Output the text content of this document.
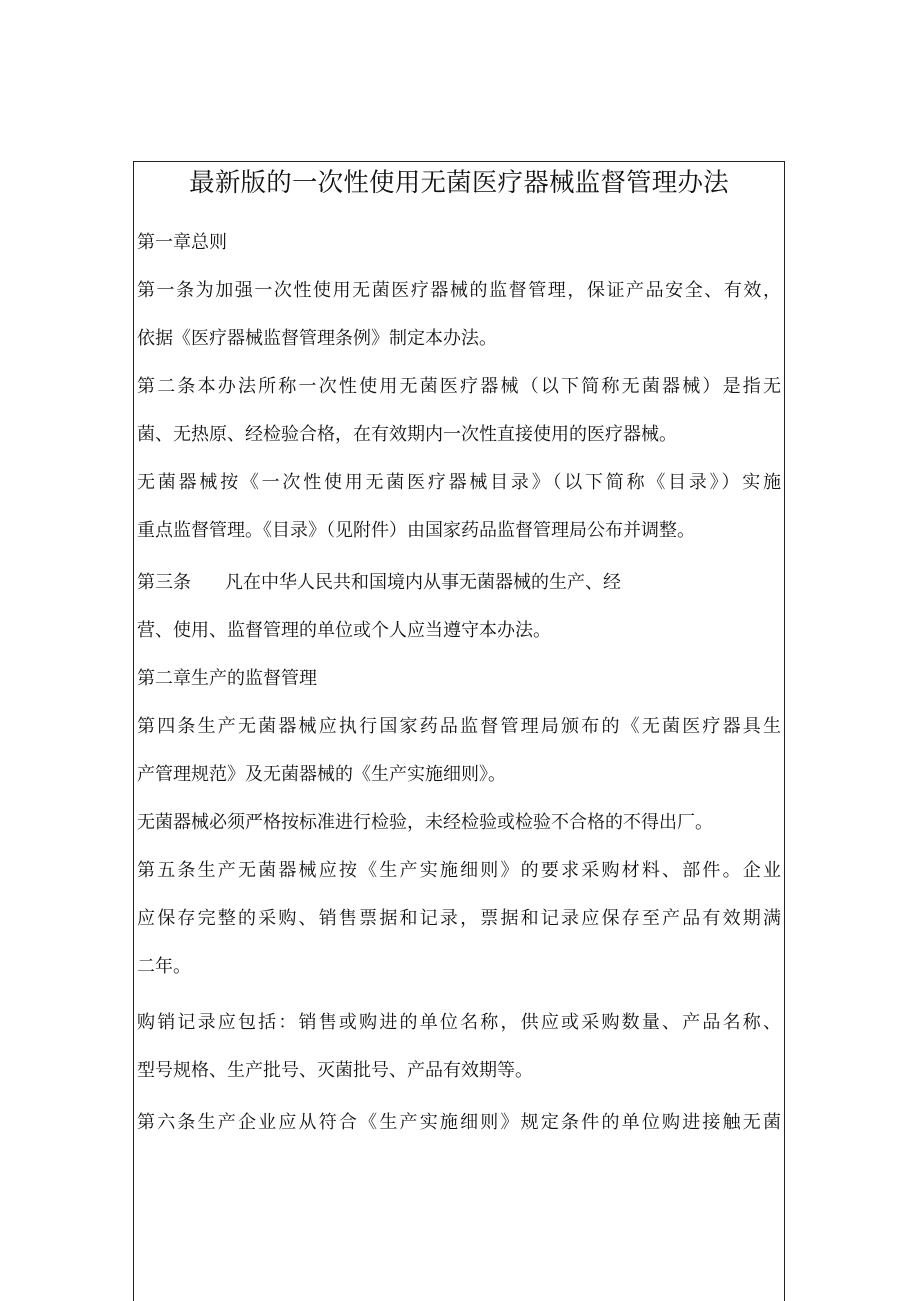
最新版的一次性使用无菌医疗器械监督管理办法
第一章总则
第一条为加强一次性使用无菌医疗器械的监督管理，保证产品安全、有效，
依据《医疗器械监督管理条例》制定本办法。
第二条本办法所称一次性使用无菌医疗器械（以下简称无菌器械）是指无
菌、无热原、经检验合格，在有效期内一次性直接使用的医疗器械。
无菌器械按《一次性使用无菌医疗器械目录》（以下简称《目录》）实施
重点监督管理。《目录》（见附件）由国家药品监督管理局公布并调整。
第三条 凡在中华人民共和国境内从事无菌器械的生产、经
营、使用、监督管理的单位或个人应当遵守本办法。
第二章生产的监督管理
第四条生产无菌器械应执行国家药品监督管理局颁布的《无菌医疗器具生
产管理规范》及无菌器械的《生产实施细则》。
无菌器械必须严格按标准进行检验，未经检验或检验不合格的不得出厂。
第五条生产无菌器械应按《生产实施细则》的要求采购材料、部件。企业
应保存完整的采购、销售票据和记录，票据和记录应保存至产品有效期满
二年。
购销记录应包括：销售或购进的单位名称，供应或采购数量、产品名称、
型号规格、生产批号、灭菌批号、产品有效期等。
第六条生产企业应从符合《生产实施细则》规定条件的单位购进接触无菌
